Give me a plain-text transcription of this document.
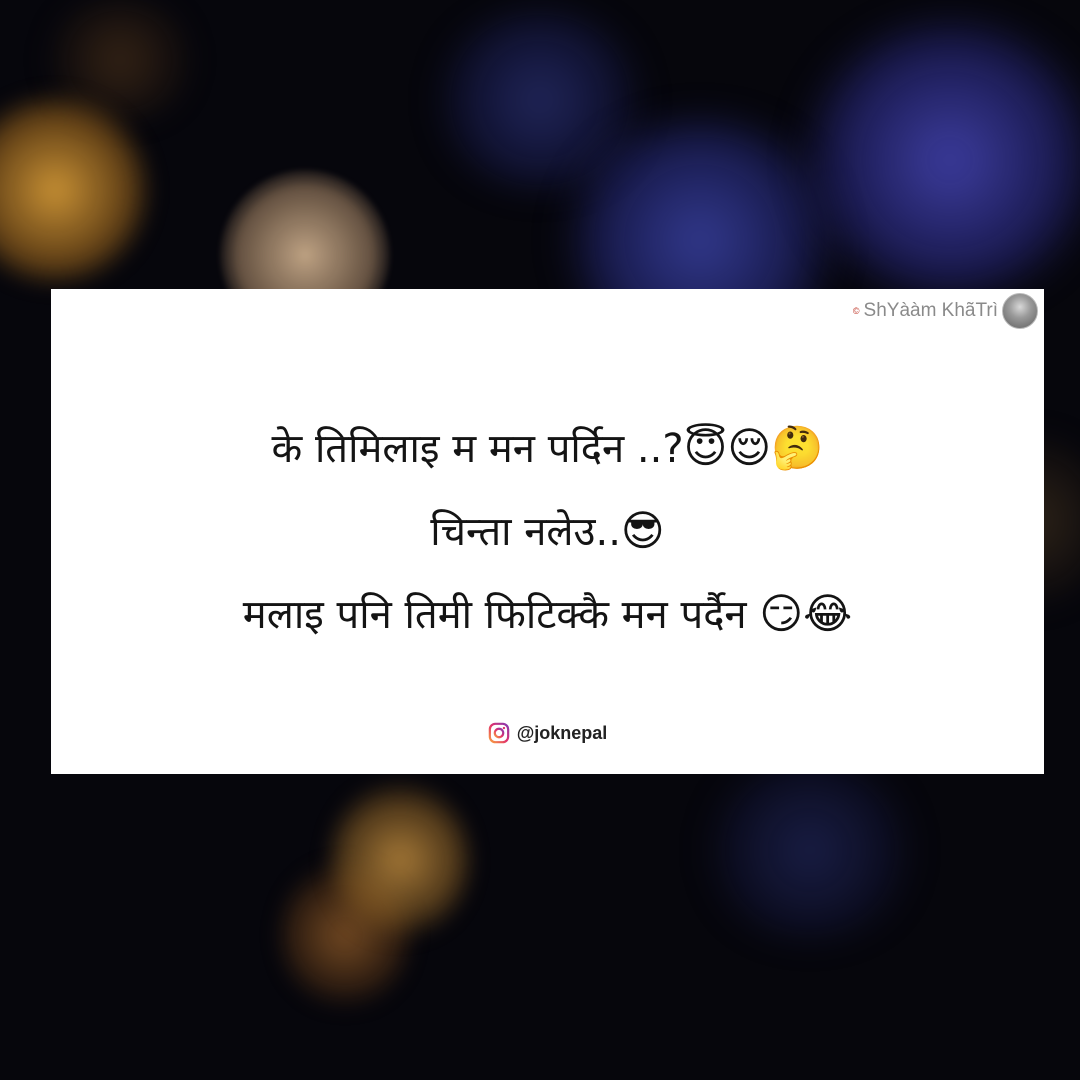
© ShYààm KhãTrì
के तिमिलाइ म मन पर्दिन ..?😇😌🤔
चिन्ता नलेउ..😎
मलाइ पनि तिमी फिटिक्कै मन पर्दैन 😏😂
@joknepal
